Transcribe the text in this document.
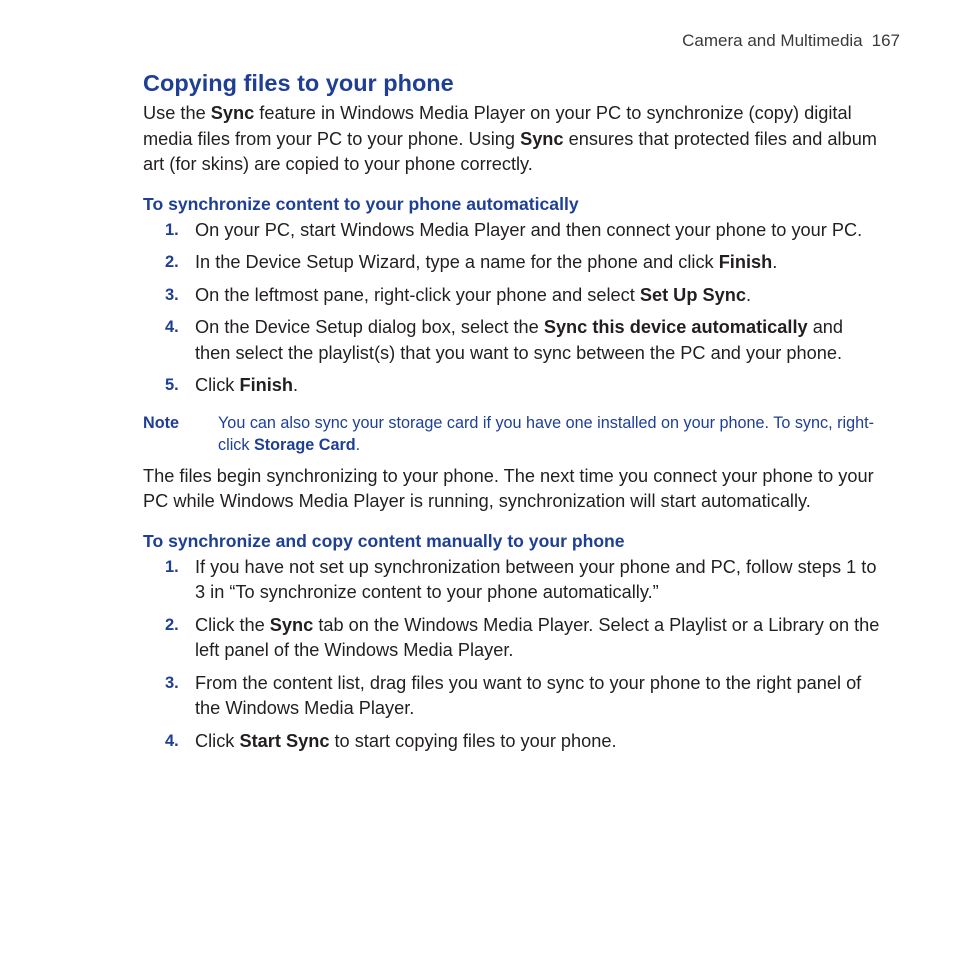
Camera and Multimedia 167
Copying files to your phone

Use the Sync feature in Windows Media Player on your PC to synchronize (copy) digital media files from your PC to your phone. Using Sync ensures that protected files and album art (for skins) are copied to your phone correctly.

To synchronize content to your phone automatically
1. On your PC, start Windows Media Player and then connect your phone to your PC.
2. In the Device Setup Wizard, type a name for the phone and click Finish.
3. On the leftmost pane, right-click your phone and select Set Up Sync.
4. On the Device Setup dialog box, select the Sync this device automatically and then select the playlist(s) that you want to sync between the PC and your phone.
5. Click Finish.
Note You can also sync your storage card if you have one installed on your phone. To sync, right-click Storage Card.

The files begin synchronizing to your phone. The next time you connect your phone to your PC while Windows Media Player is running, synchronization will start automatically.

To synchronize and copy content manually to your phone
1. If you have not set up synchronization between your phone and PC, follow steps 1 to 3 in “To synchronize content to your phone automatically.”
2. Click the Sync tab on the Windows Media Player. Select a Playlist or a Library on the left panel of the Windows Media Player.
3. From the content list, drag files you want to sync to your phone to the right panel of the Windows Media Player.
4. Click Start Sync to start copying files to your phone.
